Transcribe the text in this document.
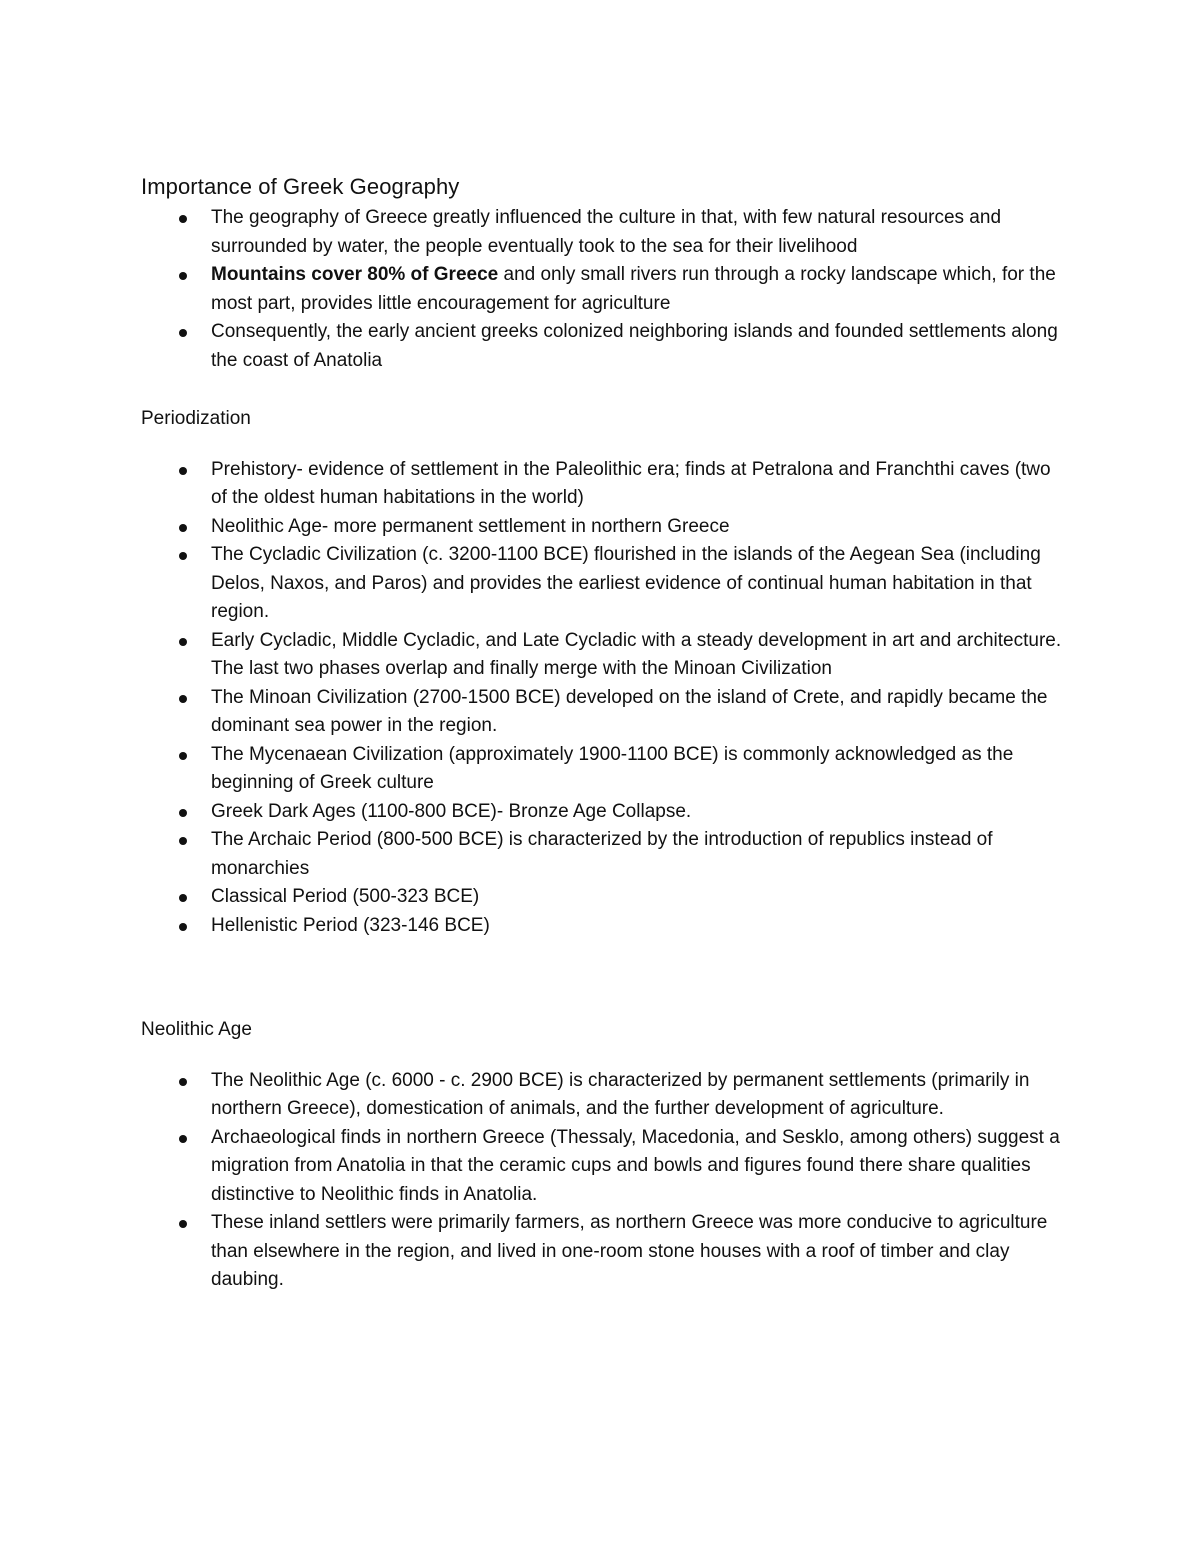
Importance of Greek Geography
The geography of Greece greatly influenced the culture in that, with few natural resources and surrounded by water, the people eventually took to the sea for their livelihood
Mountains cover 80% of Greece and only small rivers run through a rocky landscape which, for the most part, provides little encouragement for agriculture
Consequently, the early ancient greeks colonized neighboring islands and founded settlements along the coast of Anatolia

Periodization

Prehistory- evidence of settlement in the Paleolithic era; finds at Petralona and Franchthi caves (two of the oldest human habitations in the world)
Neolithic Age- more permanent settlement in northern Greece
The Cycladic Civilization (c. 3200-1100 BCE) flourished in the islands of the Aegean Sea (including Delos, Naxos, and Paros) and provides the earliest evidence of continual human habitation in that region.
Early Cycladic, Middle Cycladic, and Late Cycladic with a steady development in art and architecture. The last two phases overlap and finally merge with the Minoan Civilization
The Minoan Civilization (2700-1500 BCE) developed on the island of Crete, and rapidly became the dominant sea power in the region.
The Mycenaean Civilization (approximately 1900-1100 BCE) is commonly acknowledged as the beginning of Greek culture
Greek Dark Ages (1100-800 BCE)- Bronze Age Collapse.
The Archaic Period (800-500 BCE) is characterized by the introduction of republics instead of monarchies
Classical Period (500-323 BCE)
Hellenistic Period (323-146 BCE)

Neolithic Age

The Neolithic Age (c. 6000 - c. 2900 BCE) is characterized by permanent settlements (primarily in northern Greece), domestication of animals, and the further development of agriculture.
Archaeological finds in northern Greece (Thessaly, Macedonia, and Sesklo, among others) suggest a migration from Anatolia in that the ceramic cups and bowls and figures found there share qualities distinctive to Neolithic finds in Anatolia.
These inland settlers were primarily farmers, as northern Greece was more conducive to agriculture than elsewhere in the region, and lived in one-room stone houses with a roof of timber and clay daubing.
